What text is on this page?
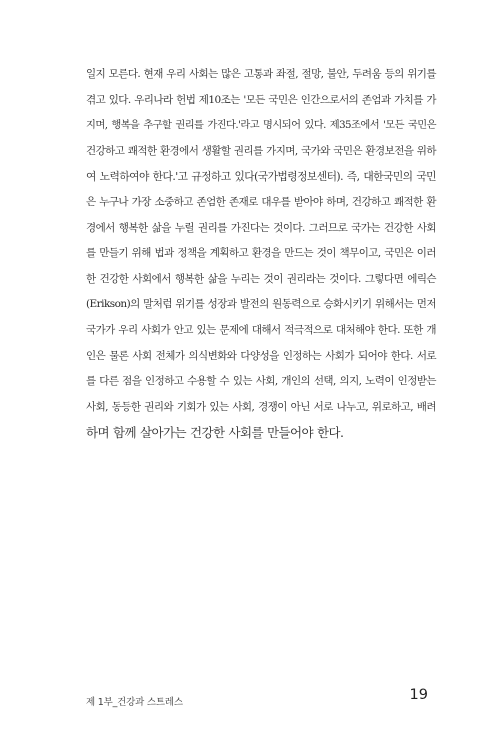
일지 모른다. 현재 우리 사회는 많은 고통과 좌절, 절망, 불안, 두려움 등의 위기를
겪고 있다. 우리나라 헌법 제10조는 '모든 국민은 인간으로서의 존엄과 가치를 가
지며, 행복을 추구할 권리를 가진다.'라고 명시되어 있다. 제35조에서 '모든 국민은
건강하고 쾌적한 환경에서 생활할 권리를 가지며, 국가와 국민은 환경보전을 위하
여 노력하여야 한다.'고 규정하고 있다(국가법령정보센터). 즉, 대한국민의 국민
은 누구나 가장 소중하고 존엄한 존재로 대우를 받아야 하며, 건강하고 쾌적한 환
경에서 행복한 삶을 누릴 권리를 가진다는 것이다. 그러므로 국가는 건강한 사회
를 만들기 위해 법과 정책을 계획하고 환경을 만드는 것이 책무이고, 국민은 이러
한 건강한 사회에서 행복한 삶을 누리는 것이 권리라는 것이다. 그렇다면 에릭슨
(Erikson)의 말처럼 위기를 성장과 발전의 원동력으로 승화시키기 위해서는 먼저
국가가 우리 사회가 안고 있는 문제에 대해서 적극적으로 대처해야 한다. 또한 개
인은 물론 사회 전체가 의식변화와 다양성을 인정하는 사회가 되어야 한다. 서로
를 다른 점을 인정하고 수용할 수 있는 사회, 개인의 선택, 의지, 노력이 인정받는
사회, 동등한 권리와 기회가 있는 사회, 경쟁이 아닌 서로 나누고, 위로하고, 배려
하며 함께 살아가는 건강한 사회를 만들어야 한다.
제 1부_건강과 스트레스	19
